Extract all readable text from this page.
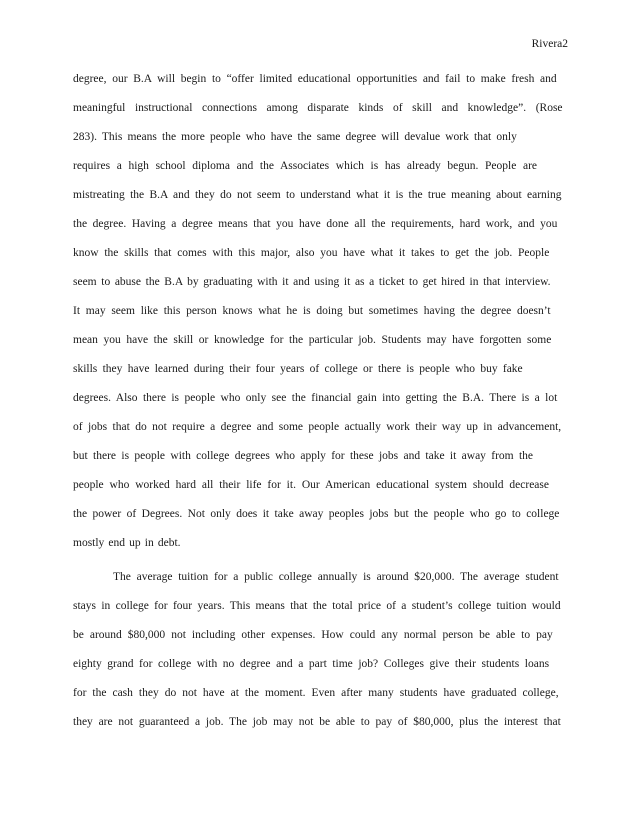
Rivera2
degree, our B.A will begin to “offer limited educational opportunities and fail to make fresh and
meaningful instructional connections among disparate kinds of skill and knowledge”. (Rose
283). This means the more people who have the same degree will devalue work that only
requires a high school diploma and the Associates which is has already begun. People are
mistreating the B.A and they do not seem to understand what it is the true meaning about earning
the degree. Having a degree means that you have done all the requirements, hard work, and you
know the skills that comes with this major, also you have what it takes to get the job. People
seem to abuse the B.A by graduating with it and using it as a ticket to get hired in that interview.
It may seem like this person knows what he is doing but sometimes having the degree doesn’t
mean you have the skill or knowledge for the particular job. Students may have forgotten some
skills they have learned during their four years of college or there is people who buy fake
degrees. Also there is people who only see the financial gain into getting the B.A. There is a lot
of jobs that do not require a degree and some people actually work their way up in advancement,
but there is people with college degrees who apply for these jobs and take it away from the
people who worked hard all their life for it. Our American educational system should decrease
the power of Degrees. Not only does it take away peoples jobs but the people who go to college
mostly end up in debt.
The average tuition for a public college annually is around $20,000. The average student
stays in college for four years. This means that the total price of a student’s college tuition would
be around $80,000 not including other expenses. How could any normal person be able to pay
eighty grand for college with no degree and a part time job? Colleges give their students loans
for the cash they do not have at the moment. Even after many students have graduated college,
they are not guaranteed a job. The job may not be able to pay of $80,000, plus the interest that
